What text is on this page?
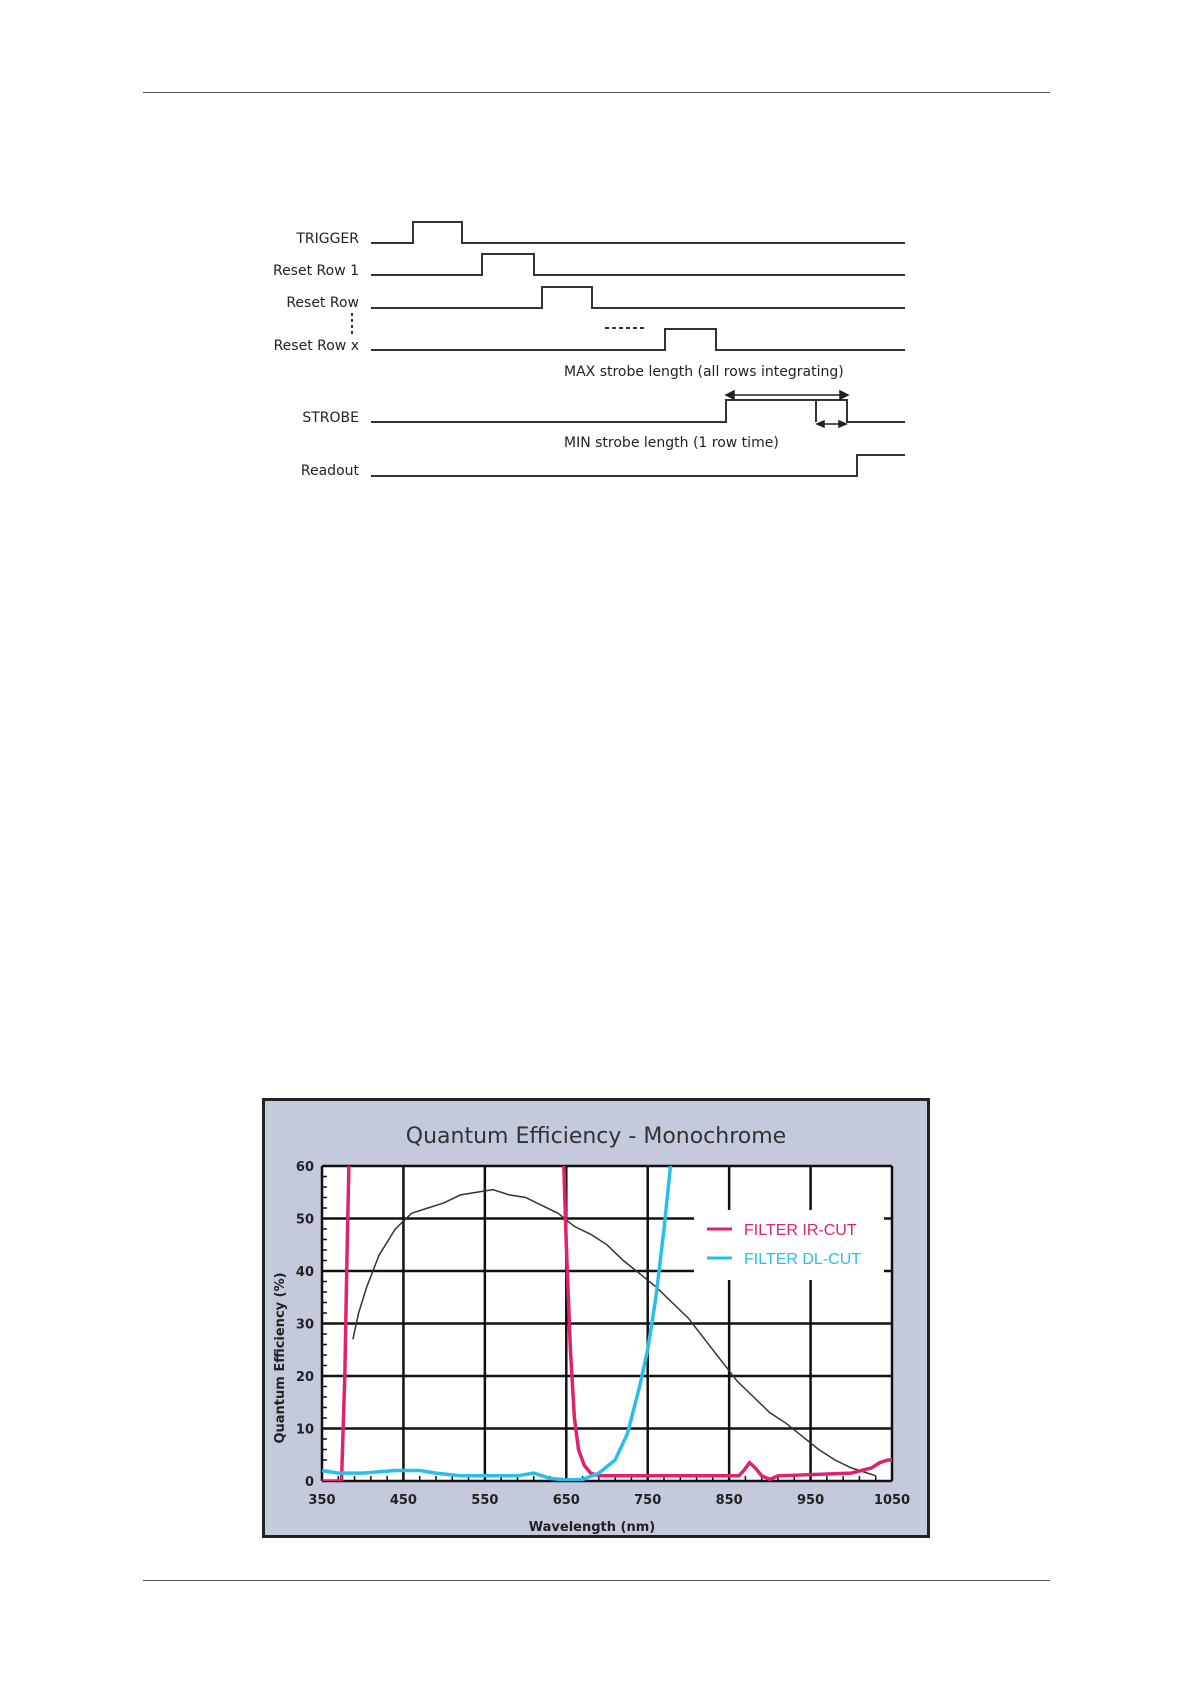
TRIGGER
Reset Row 1
Reset Row
Reset Row x
STROBE
Readout
MAX strobe length (all rows integrating)
MIN strobe length (1 row time)
Quantum Efficiency - Monochrome
350	450	550	650	750	850	950	1050
0
10
20
30
40
50
60
Wavelength (nm)
Quantum Efficiency (%)
FILTER IR-CUT
FILTER DL-CUT
